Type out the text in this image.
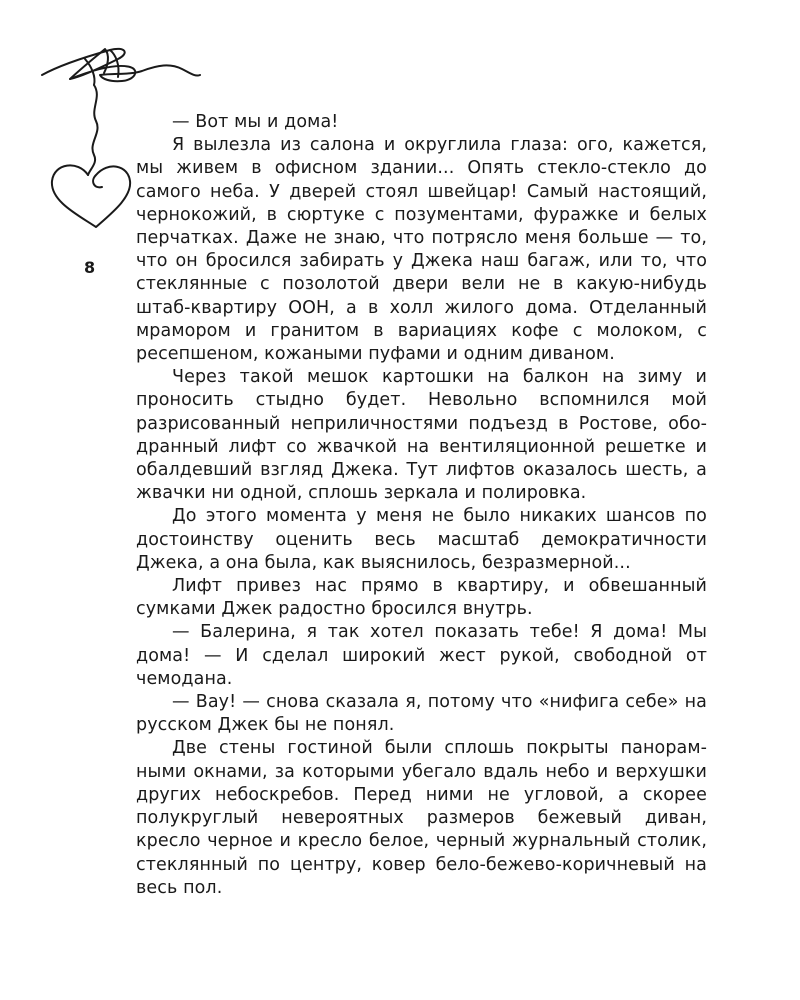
8

— Вот мы и дома!

Я вылезла из салона и округлила глаза: ого, кажется, мы живем в офисном здании... Опять стекло-стекло до самого неба. У дверей стоял швейцар! Самый настоящий, чернокожий, в сюртуке с позументами, фуражке и белых перчатках. Даже не знаю, что потрясло меня больше — то, что он бросился забирать у Джека наш багаж, или то, что стеклянные с позолотой двери вели не в какую-нибудь штаб-квартиру ООН, а в холл жилого дома. Отделанный мрамором и гранитом в вариациях кофе с молоком, с ресепшеном, кожаными пуфами и одним диваном.

Через такой мешок картошки на балкон на зиму и проносить стыдно будет. Невольно вспомнился мой разрисованный неприличностями подъезд в Ростове, ободранный лифт со жвачкой на вентиляционной решетке и обалдевший взгляд Джека. Тут лифтов оказалось шесть, а жвачки ни одной, сплошь зеркала и полировка.

До этого момента у меня не было никаких шансов по достоинству оценить весь масштаб демократичности Джека, а она была, как выяснилось, безразмерной...

Лифт привез нас прямо в квартиру, и обвешанный сумками Джек радостно бросился внутрь.

— Балерина, я так хотел показать тебе! Я дома! Мы дома! — И сделал широкий жест рукой, свободной от чемодана.

— Вау! — снова сказала я, потому что «нифига себе» на русском Джек бы не понял.

Две стены гостиной были сплошь покрыты панорамными окнами, за которыми убегало вдаль небо и верхушки других небоскребов. Перед ними не угловой, а скорее полукруглый невероятных размеров бежевый диван, кресло черное и кресло белое, черный журнальный столик, стеклянный по центру, ковер бело-бежево-коричневый на весь пол.
